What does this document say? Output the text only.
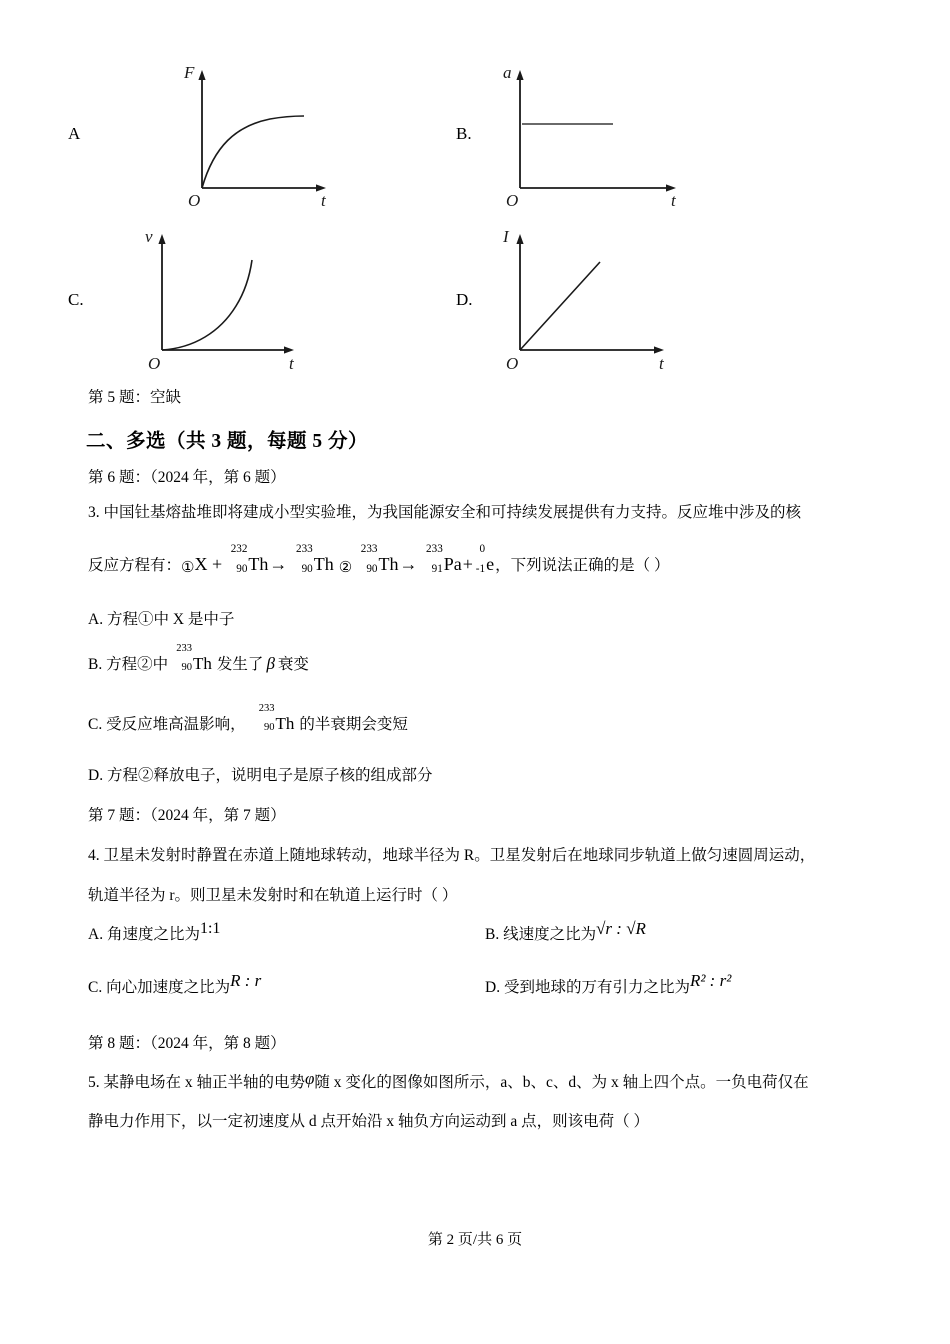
A
F
t
O
B.
a
t
O
C.
v
t
O
D.
I
t
O
第 5 题：空缺
二、多选（共 3 题，每题 5 分）
第 6 题：（2024 年，第 6 题）
3. 中国钍基熔盐堆即将建成小型实验堆，为我国能源安全和可持续发展提供有力支持。反应堆中涉及的核
反应方程有：①X +
232
90 Th→
233
90 Th ②
233
90 Th→
233
91 Pa+
0
-1 e，下列说法正确的是（ ）
A. 方程①中 X 是中子
B. 方程②中
233
90 Th 发生了 β 衰变
C. 受反应堆高温影响，
233
90 Th 的半衰期会变短
D. 方程②释放电子，说明电子是原子核的组成部分
第 7 题：（2024 年，第 7 题）
4. 卫星未发射时静置在赤道上随地球转动，地球半径为 R。卫星发射后在地球同步轨道上做匀速圆周运动，
轨道半径为 r。则卫星未发射时和在轨道上运行时（ ）
A. 角速度之比为1:1	B. 线速度之比为√r : √R
C. 向心加速度之比为R : r	D. 受到地球的万有引力之比为R² : r²
第 8 题：（2024 年，第 8 题）
5. 某静电场在 x 轴正半轴的电势φ随 x 变化的图像如图所示，a、b、c、d、为 x 轴上四个点。一负电荷仅在
静电力作用下，以一定初速度从 d 点开始沿 x 轴负方向运动到 a 点，则该电荷（ ）
第 2 页/共 6 页
